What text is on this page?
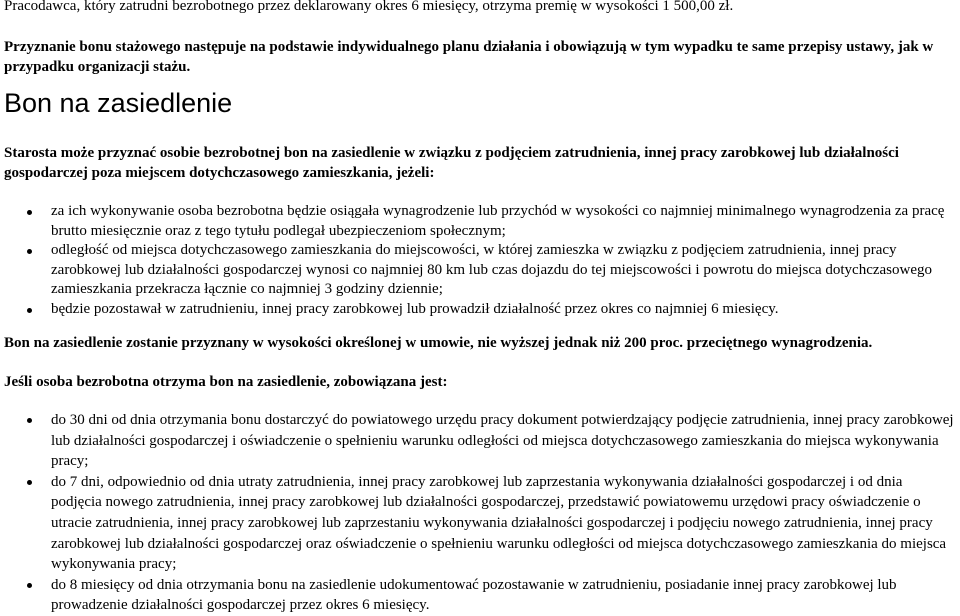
Pracodawca, który zatrudni bezrobotnego przez deklarowany okres 6 miesięcy, otrzyma premię w wysokości 1 500,00 zł.
Przyznanie bonu stażowego następuje na podstawie indywidualnego planu działania i obowiązują w tym wypadku te same przepisy ustawy, jak w przypadku organizacji stażu.
Bon na zasiedlenie
Starosta może przyznać osobie bezrobotnej bon na zasiedlenie w związku z podjęciem zatrudnienia, innej pracy zarobkowej lub działalności gospodarczej poza miejscem dotychczasowego zamieszkania, jeżeli:
za ich wykonywanie osoba bezrobotna będzie osiągała wynagrodzenie lub przychód w wysokości co najmniej minimalnego wynagrodzenia za pracę brutto miesięcznie oraz z tego tytułu podlegał ubezpieczeniom społecznym;
odległość od miejsca dotychczasowego zamieszkania do miejscowości, w której zamieszka w związku z podjęciem zatrudnienia, innej pracy zarobkowej lub działalności gospodarczej wynosi co najmniej 80 km lub czas dojazdu do tej miejscowości i powrotu do miejsca dotychczasowego zamieszkania przekracza łącznie co najmniej 3 godziny dziennie;
będzie pozostawał w zatrudnieniu, innej pracy zarobkowej lub prowadził działalność przez okres co najmniej 6 miesięcy.
Bon na zasiedlenie zostanie przyznany w wysokości określonej w umowie, nie wyższej jednak niż 200 proc. przeciętnego wynagrodzenia.
Jeśli osoba bezrobotna otrzyma bon na zasiedlenie, zobowiązana jest:
do 30 dni od dnia otrzymania bonu dostarczyć do powiatowego urzędu pracy dokument potwierdzający podjęcie zatrudnienia, innej pracy zarobkowej lub działalności gospodarczej i oświadczenie o spełnieniu warunku odległości od miejsca dotychczasowego zamieszkania do miejsca wykonywania pracy;
do 7 dni, odpowiednio od dnia utraty zatrudnienia, innej pracy zarobkowej lub zaprzestania wykonywania działalności gospodarczej i od dnia podjęcia nowego zatrudnienia, innej pracy zarobkowej lub działalności gospodarczej, przedstawić powiatowemu urzędowi pracy oświadczenie o utracie zatrudnienia, innej pracy zarobkowej lub zaprzestaniu wykonywania działalności gospodarczej i podjęciu nowego zatrudnienia, innej pracy zarobkowej lub działalności gospodarczej oraz oświadczenie o spełnieniu warunku odległości od miejsca dotychczasowego zamieszkania do miejsca wykonywania pracy;
do 8 miesięcy od dnia otrzymania bonu na zasiedlenie udokumentować pozostawanie w zatrudnieniu, posiadanie innej pracy zarobkowej lub prowadzenie działalności gospodarczej przez okres 6 miesięcy.
